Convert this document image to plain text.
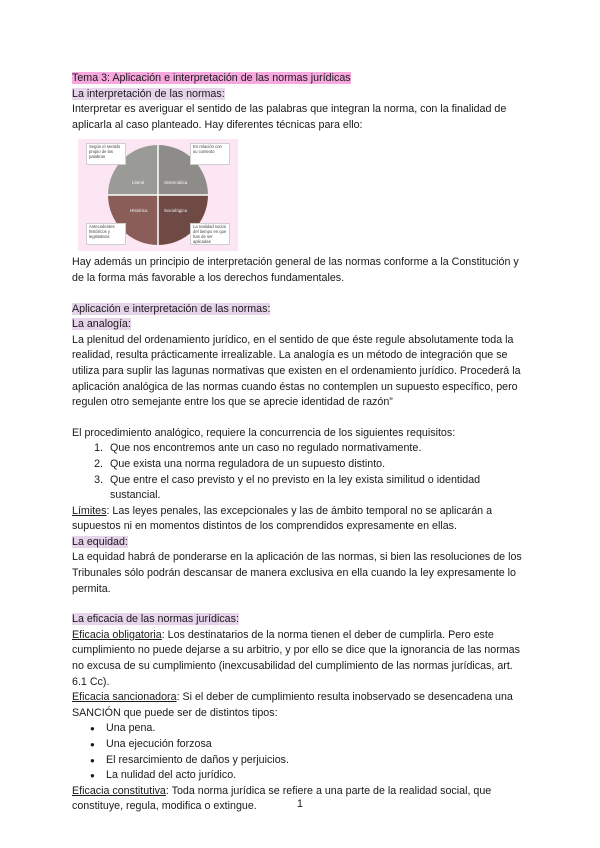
Tema 3: Aplicación e interpretación de las normas jurídicas

La interpretación de las normas:

Interpretar es averiguar el sentido de las palabras que integran la norma, con la finalidad de aplicarla al caso planteado. Hay diferentes técnicas para ello:

Literal	Sistemática
Histórica	Sociológica
Según el sentido propio de las palabras
En relación con su contexto
Antecedentes históricos y legislativos
La realidad social del tiempo en que han de ser aplicadas

Hay además un principio de interpretación general de las normas conforme a la Constitución y de la forma más favorable a los derechos fundamentales.

Aplicación e interpretación de las normas:

La analogía:

La plenitud del ordenamiento jurídico, en el sentido de que éste regule absolutamente toda la realidad, resulta prácticamente irrealizable. La analogía es un método de integración que se utiliza para suplir las lagunas normativas que existen en el ordenamiento jurídico. Procederá la aplicación analógica de las normas cuando éstas no contemplen un supuesto específico, pero regulen otro semejante entre los que se aprecie identidad de razón”

El procedimiento analógico, requiere la concurrencia de los siguientes requisitos:

1. Que nos encontremos ante un caso no regulado normativamente.
2. Que exista una norma reguladora de un supuesto distinto.
3. Que entre el caso previsto y el no previsto en la ley exista similitud o identidad sustancial.

Límites: Las leyes penales, las excepcionales y las de ámbito temporal no se aplicarán a supuestos ni en momentos distintos de los comprendidos expresamente en ellas.

La equidad:

La equidad habrá de ponderarse en la aplicación de las normas, si bien las resoluciones de los Tribunales sólo podrán descansar de manera exclusiva en ella cuando la ley expresamente lo permita.

La eficacia de las normas jurídicas:

Eficacia obligatoria: Los destinatarios de la norma tienen el deber de cumplirla. Pero este cumplimiento no puede dejarse a su arbitrio, y por ello se dice que la ignorancia de las normas no excusa de su cumplimiento (inexcusabilidad del cumplimiento de las normas jurídicas, art. 6.1 Cc).

Eficacia sancionadora: Si el deber de cumplimiento resulta inobservado se desencadena una SANCIÓN que puede ser de distintos tipos:

● Una pena.
● Una ejecución forzosa
● El resarcimiento de daños y perjuicios.
● La nulidad del acto jurídico.

Eficacia constitutiva: Toda norma jurídica se refiere a una parte de la realidad social, que constituye, regula, modifica o extingue.	1
